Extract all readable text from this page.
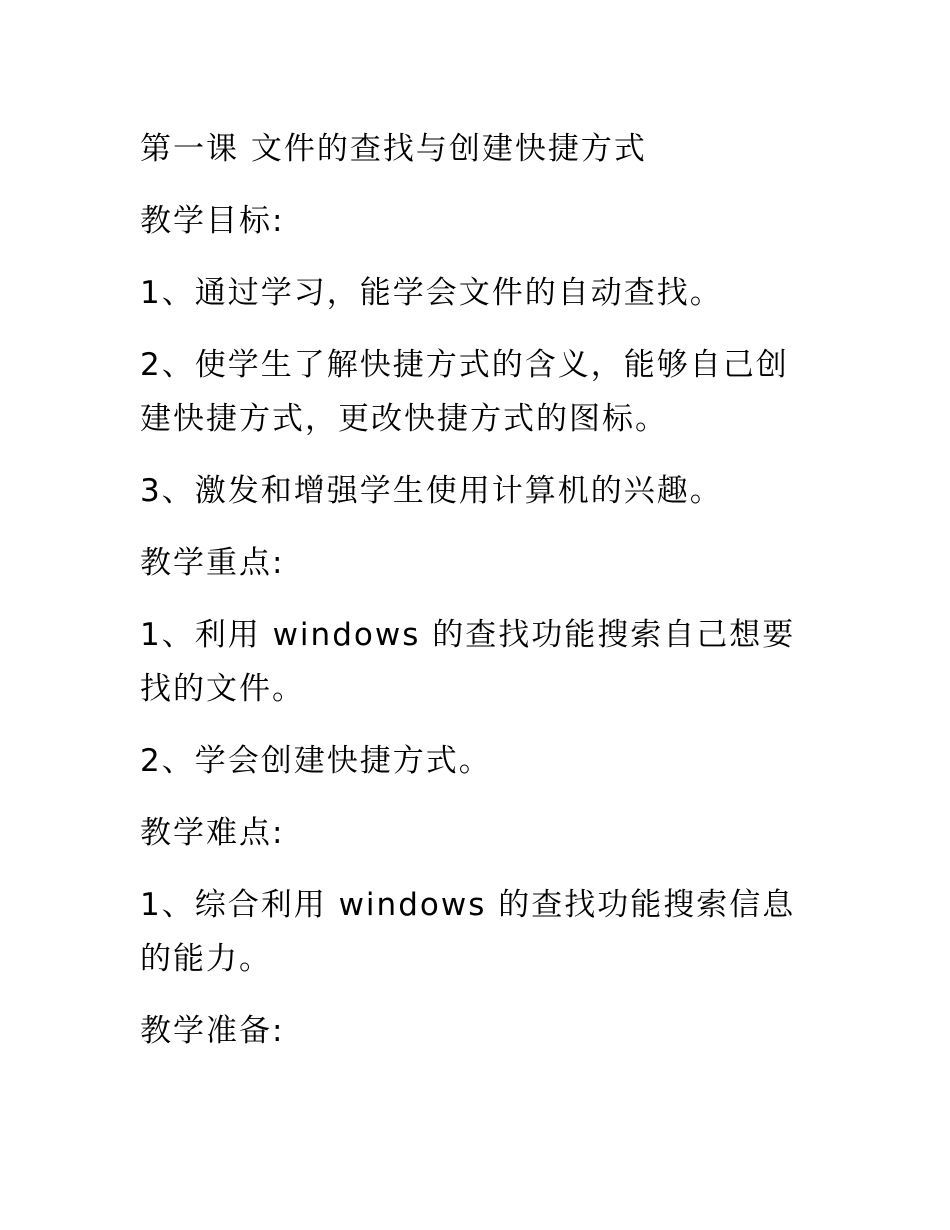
第一课 文件的查找与创建快捷方式

教学目标:

1、通过学习，能学会文件的自动查找。

2、使学生了解快捷方式的含义，能够自己创建快捷方式，更改快捷方式的图标。

3、激发和增强学生使用计算机的兴趣。

教学重点:

1、利用 windows 的查找功能搜索自己想要找的文件。

2、学会创建快捷方式。

教学难点:

1、综合利用 windows 的查找功能搜索信息的能力。

教学准备:
